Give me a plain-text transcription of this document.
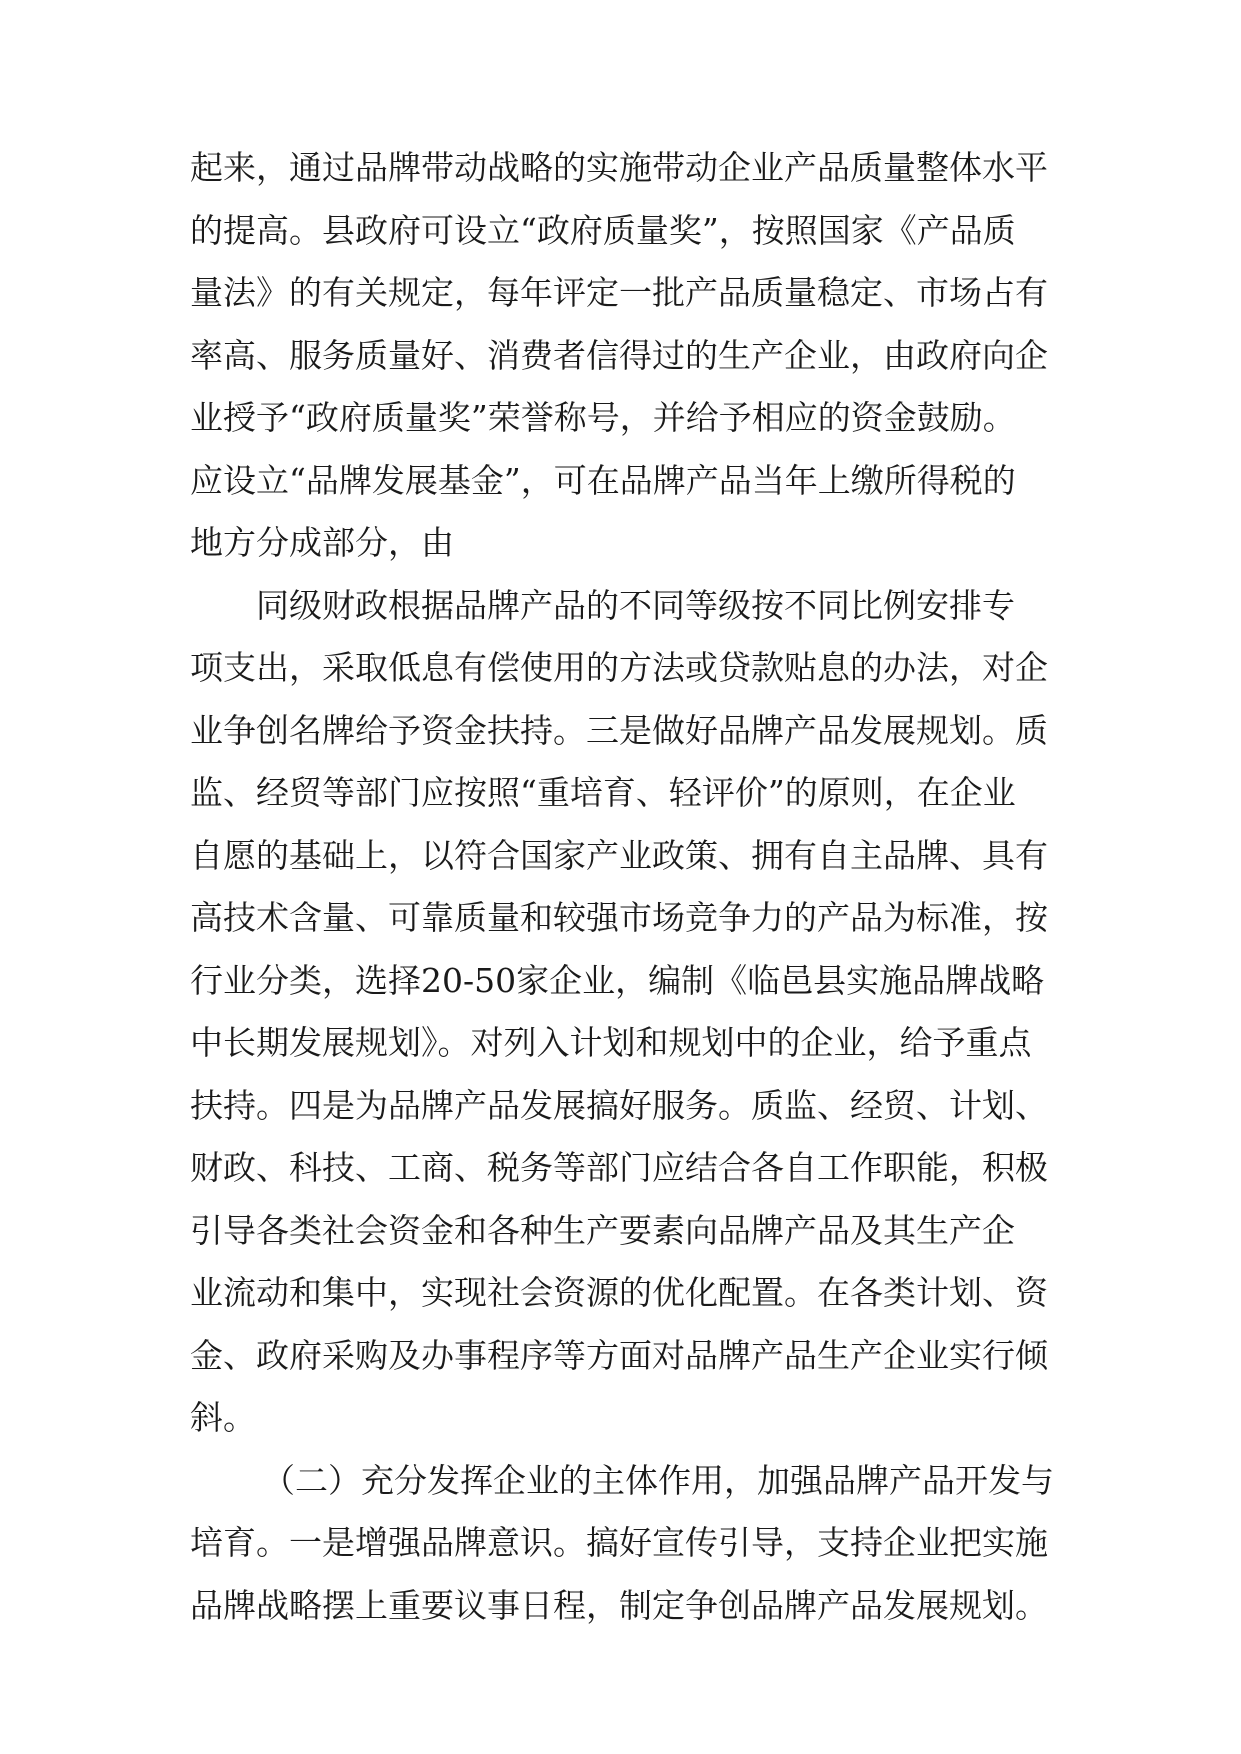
起来，通过品牌带动战略的实施带动企业产品质量整体水平
的提高。县政府可设立“政府质量奖”，按照国家《产品质
量法》的有关规定，每年评定一批产品质量稳定、市场占有
率高、服务质量好、消费者信得过的生产企业，由政府向企
业授予“政府质量奖”荣誉称号，并给予相应的资金鼓励。
应设立“品牌发展基金”，可在品牌产品当年上缴所得税的
地方分成部分，由
同级财政根据品牌产品的不同等级按不同比例安排专
项支出，采取低息有偿使用的方法或贷款贴息的办法，对企
业争创名牌给予资金扶持。三是做好品牌产品发展规划。质
监、经贸等部门应按照“重培育、轻评价”的原则，在企业
自愿的基础上，以符合国家产业政策、拥有自主品牌、具有
高技术含量、可靠质量和较强市场竞争力的产品为标准，按
行业分类，选择20-50家企业，编制《临邑县实施品牌战略
中长期发展规划》。对列入计划和规划中的企业，给予重点
扶持。四是为品牌产品发展搞好服务。质监、经贸、计划、
财政、科技、工商、税务等部门应结合各自工作职能，积极
引导各类社会资金和各种生产要素向品牌产品及其生产企
业流动和集中，实现社会资源的优化配置。在各类计划、资
金、政府采购及办事程序等方面对品牌产品生产企业实行倾
斜。
（二）充分发挥企业的主体作用，加强品牌产品开发与
培育。一是增强品牌意识。搞好宣传引导，支持企业把实施
品牌战略摆上重要议事日程，制定争创品牌产品发展规划。
